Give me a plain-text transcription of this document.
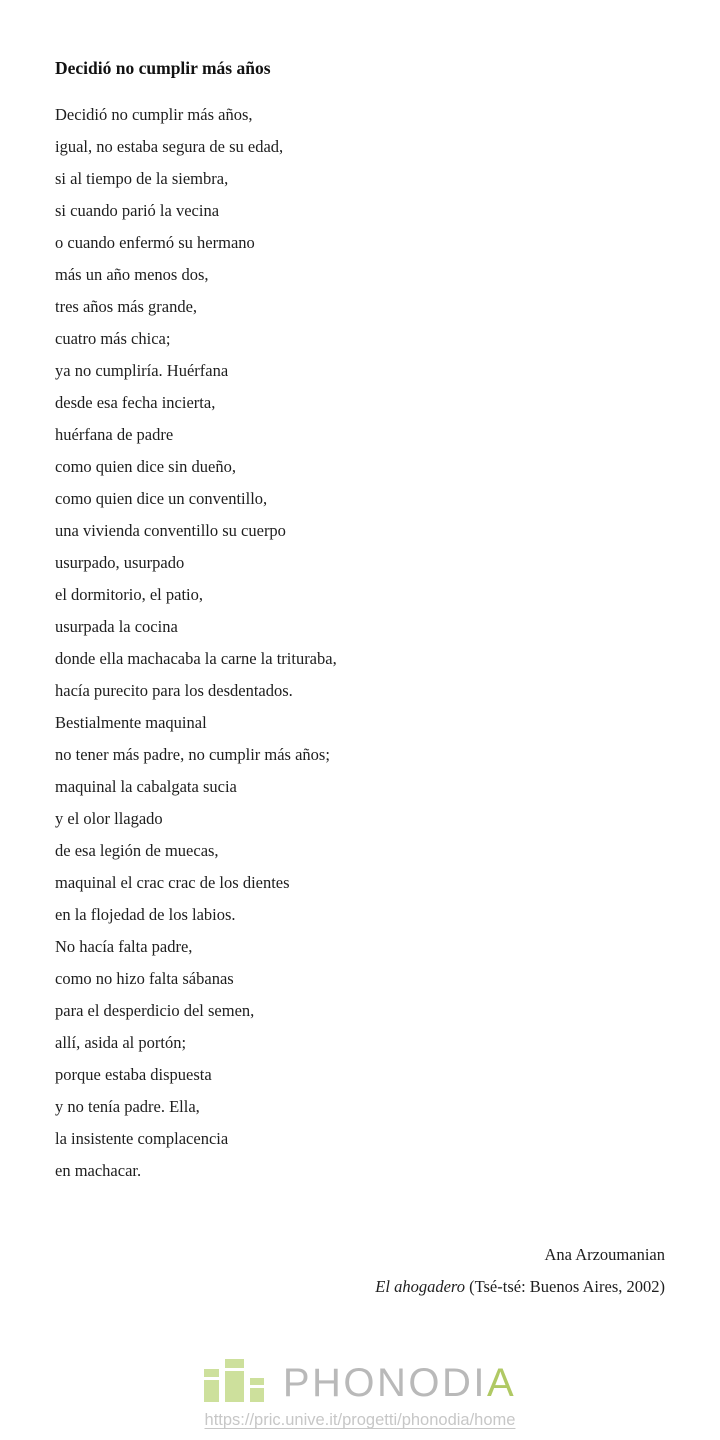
Decidió no cumplir más años
Decidió no cumplir más años,
igual, no estaba segura de su edad,
si al tiempo de la siembra,
si cuando parió la vecina
o cuando enfermó su hermano
más un año menos dos,
tres años más grande,
cuatro más chica;
ya no cumpliría. Huérfana
desde esa fecha incierta,
huérfana de padre
como quien dice sin dueño,
como quien dice un conventillo,
una vivienda conventillo su cuerpo
usurpado, usurpado
el dormitorio, el patio,
usurpada la cocina
donde ella machacaba la carne la trituraba,
hacía purecito para los desdentados.
Bestialmente maquinal
no tener más padre, no cumplir más años;
maquinal la cabalgata sucia
y el olor llagado
de esa legión de muecas,
maquinal el crac crac de los dientes
en la flojedad de los labios.
No hacía falta padre,
como no hizo falta sábanas
para el desperdicio del semen,
allí, asida al portón;
porque estaba dispuesta
y no tenía padre. Ella,
la insistente complacencia
en machacar.
Ana Arzoumanian
El ahogadero (Tsé-tsé: Buenos Aires, 2002)
PHONODIA
https://pric.unive.it/progetti/phonodia/home
